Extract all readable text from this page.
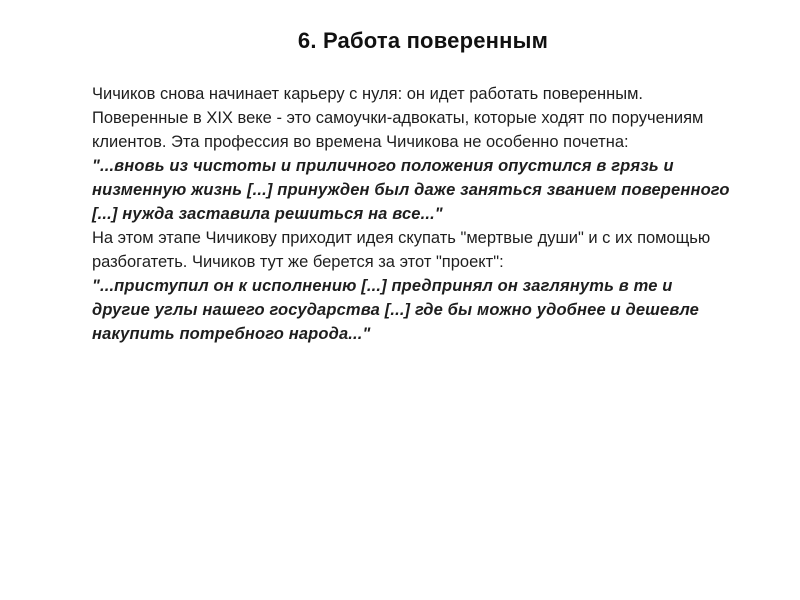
6. Работа поверенным

Чичиков снова начинает карьеру с нуля: он идет работать поверенным. Поверенные в XIX веке - это самоучки-адвокаты, которые ходят по поручениям клиентов. Эта профессия во времена Чичикова не особенно почетна:

"...вновь из чистоты и приличного положения опустился в грязь и низменную жизнь [...] принужден был даже заняться званием поверенного [...] нужда заставила решиться на все..."

На этом этапе Чичикову приходит идея скупать "мертвые души" и с их помощью разбогатеть. Чичиков тут же берется за этот "проект":

"...приступил он к исполнению [...] предпринял он заглянуть в те и другие углы нашего государства [...] где бы можно удобнее и дешевле накупить потребного народа..."
